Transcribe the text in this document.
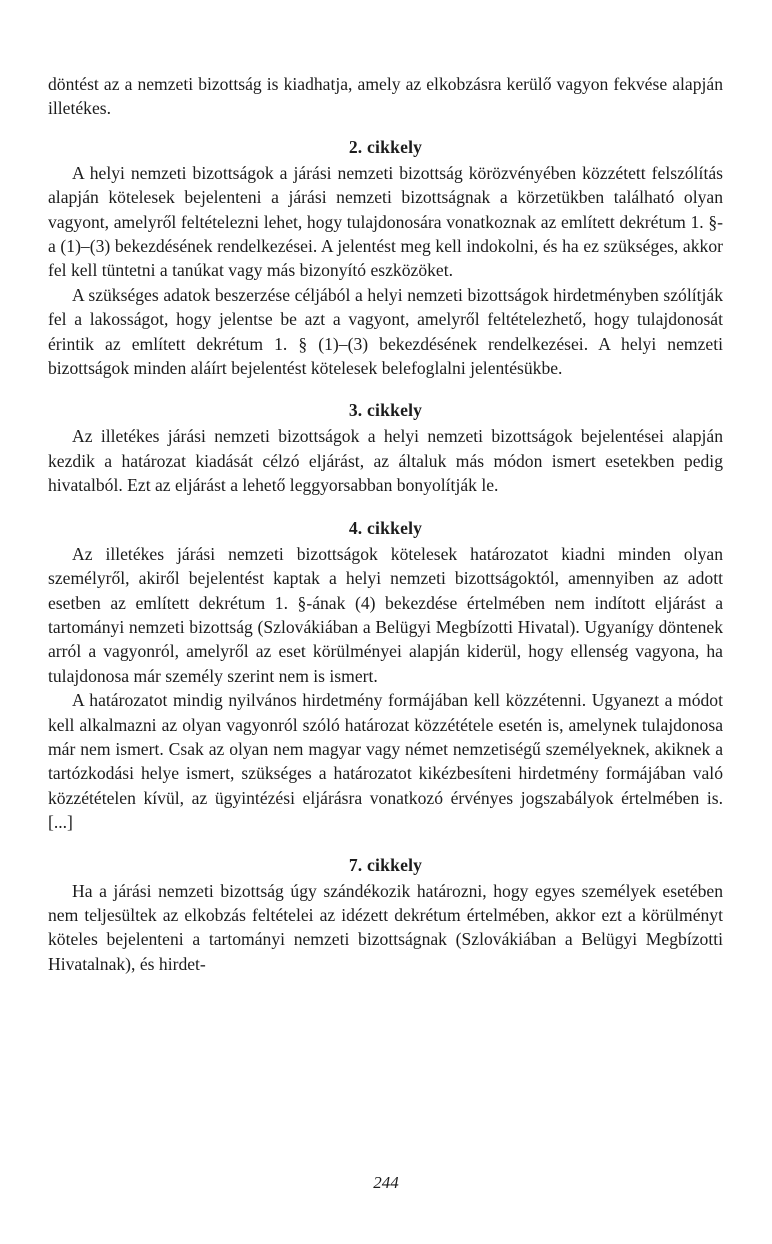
döntést az a nemzeti bizottság is kiadhatja, amely az elkobzásra kerülő vagyon fekvése alapján illetékes.

2. cikkely

A helyi nemzeti bizottságok a járási nemzeti bizottság körözvényében közzétett felszólítás alapján kötelesek bejelenteni a járási nemzeti bizottságnak a körzetükben található olyan vagyont, amelyről feltételezni lehet, hogy tulajdonosára vonatkoznak az említett dekrétum 1. §-a (1)–(3) bekezdésének rendelkezései. A jelentést meg kell indokolni, és ha ez szükséges, akkor fel kell tüntetni a tanúkat vagy más bizonyító eszközöket.

A szükséges adatok beszerzése céljából a helyi nemzeti bizottságok hirdetményben szólítják fel a lakosságot, hogy jelentse be azt a vagyont, amelyről feltételezhető, hogy tulajdonosát érintik az említett dekrétum 1. § (1)–(3) bekezdésének rendelkezései. A helyi nemzeti bizottságok minden aláírt bejelentést kötelesek belefoglalni jelentésükbe.

3. cikkely

Az illetékes járási nemzeti bizottságok a helyi nemzeti bizottságok bejelentései alapján kezdik a határozat kiadását célzó eljárást, az általuk más módon ismert esetekben pedig hivatalból. Ezt az eljárást a lehető leggyorsabban bonyolítják le.

4. cikkely

Az illetékes járási nemzeti bizottságok kötelesek határozatot kiadni minden olyan személyről, akiről bejelentést kaptak a helyi nemzeti bizottságoktól, amennyiben az adott esetben az említett dekrétum 1. §-ának (4) bekezdése értelmében nem indított eljárást a tartományi nemzeti bizottság (Szlovákiában a Belügyi Megbízotti Hivatal). Ugyanígy döntenek arról a vagyonról, amelyről az eset körülményei alapján kiderül, hogy ellenség vagyona, ha tulajdonosa már személy szerint nem is ismert.

A határozatot mindig nyilvános hirdetmény formájában kell közzétenni. Ugyanezt a módot kell alkalmazni az olyan vagyonról szóló határozat közzététele esetén is, amelynek tulajdonosa már nem ismert. Csak az olyan nem magyar vagy német nemzetiségű személyeknek, akiknek a tartózkodási helye ismert, szükséges a határozatot kikézbesíteni hirdetmény formájában való közzétételen kívül, az ügyintézési eljárásra vonatkozó érvényes jogszabályok értelmében is. [...]

7. cikkely

Ha a járási nemzeti bizottság úgy szándékozik határozni, hogy egyes személyek esetében nem teljesültek az elkobzás feltételei az idézett dekrétum értelmében, akkor ezt a körülményt köteles bejelenteni a tartományi nemzeti bizottságnak (Szlovákiában a Belügyi Megbízotti Hivatalnak), és hirdet-

244
